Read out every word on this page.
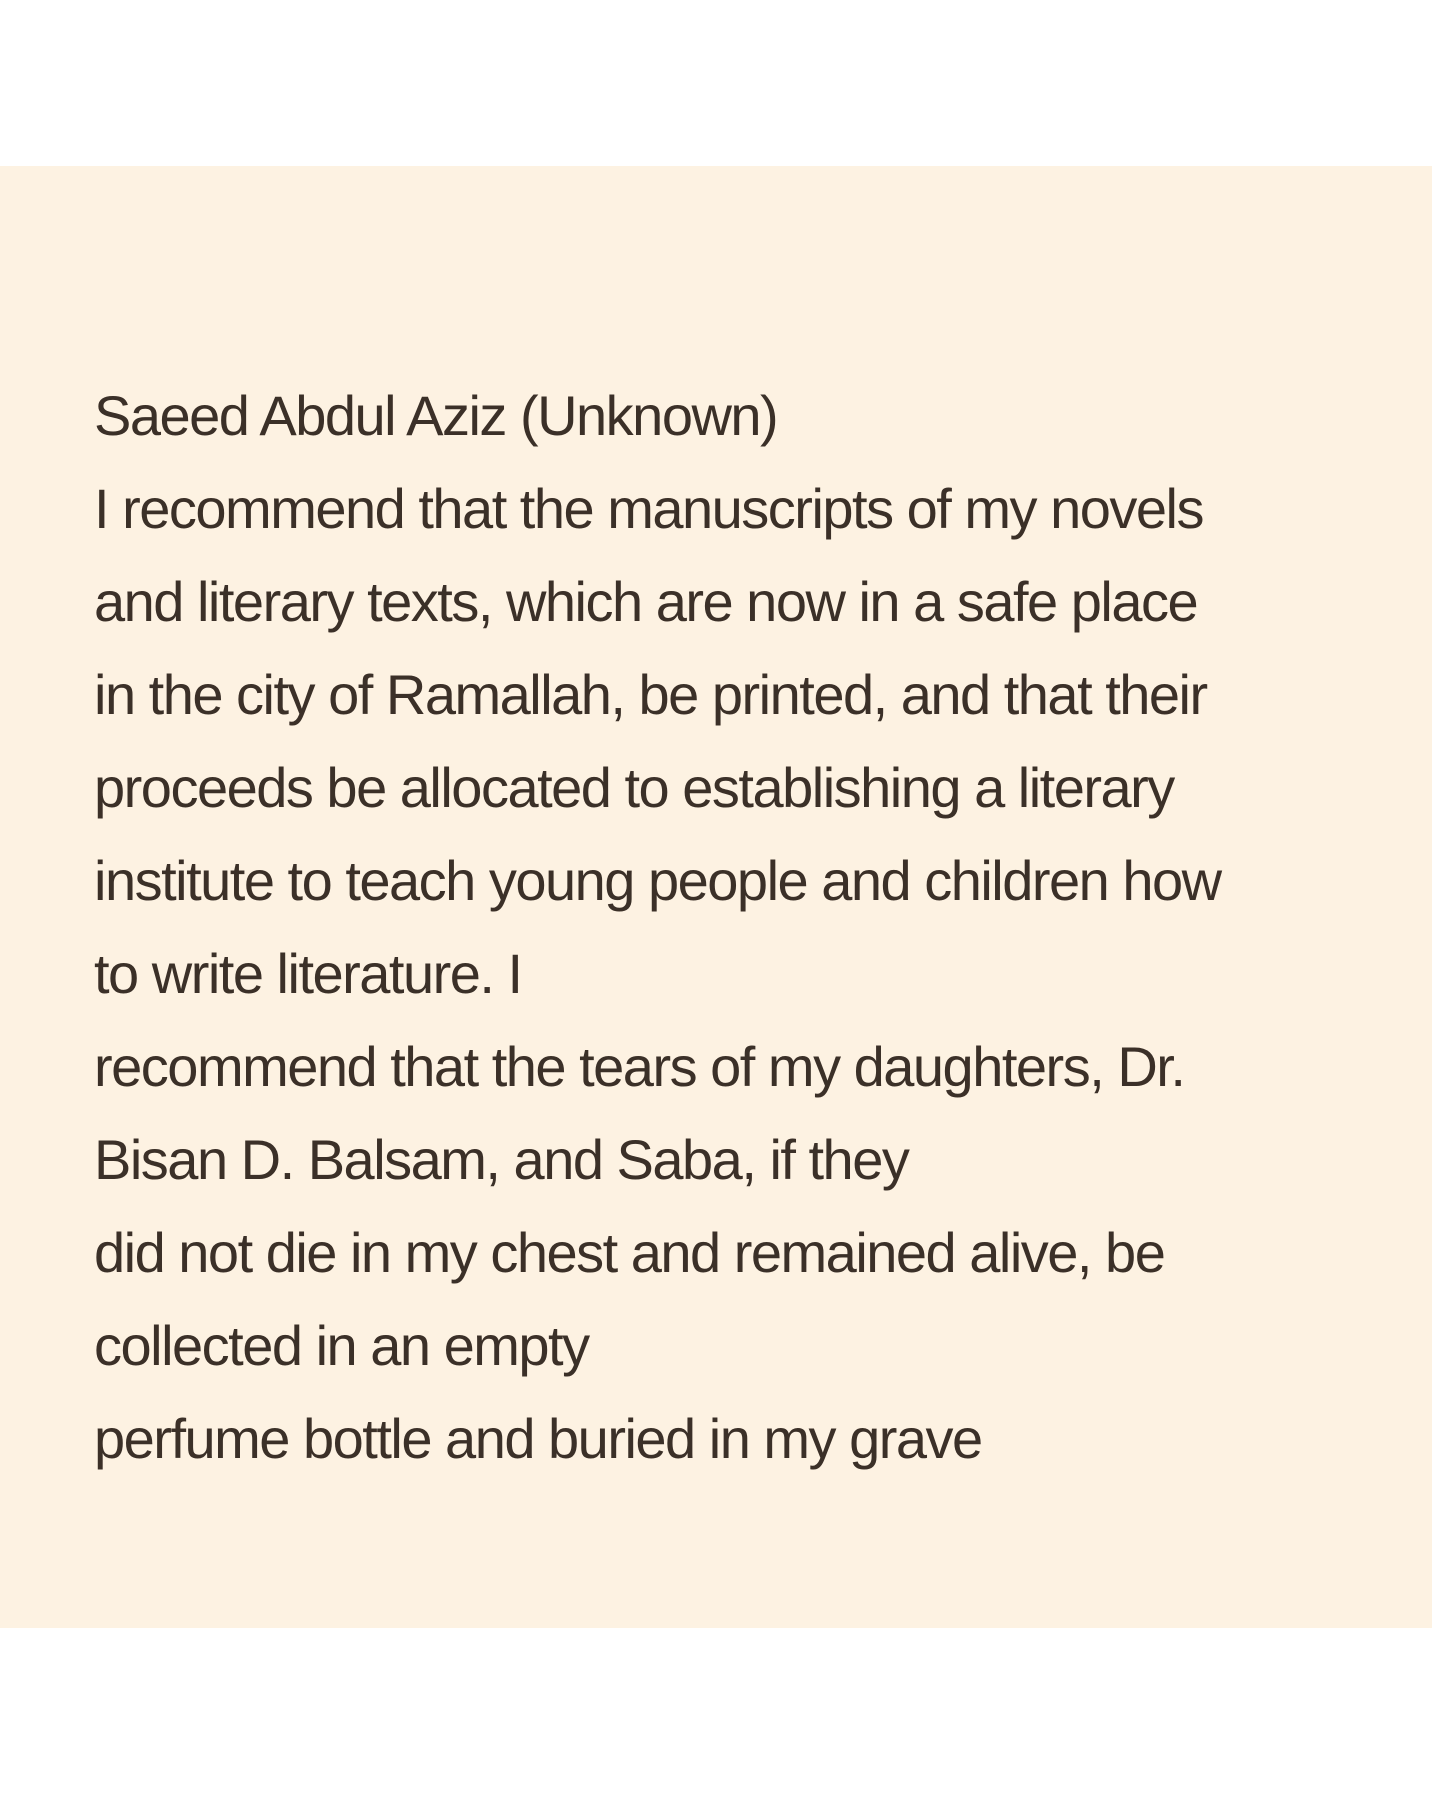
Saeed Abdul Aziz (Unknown)
I recommend that the manuscripts of my novels
and literary texts, which are now in a safe place
in the city of Ramallah, be printed, and that their
proceeds be allocated to establishing a literary
institute to teach young people and children how
to write literature. I
recommend that the tears of my daughters, Dr.
Bisan D. Balsam, and Saba, if they
did not die in my chest and remained alive, be
collected in an empty
perfume bottle and buried in my grave
